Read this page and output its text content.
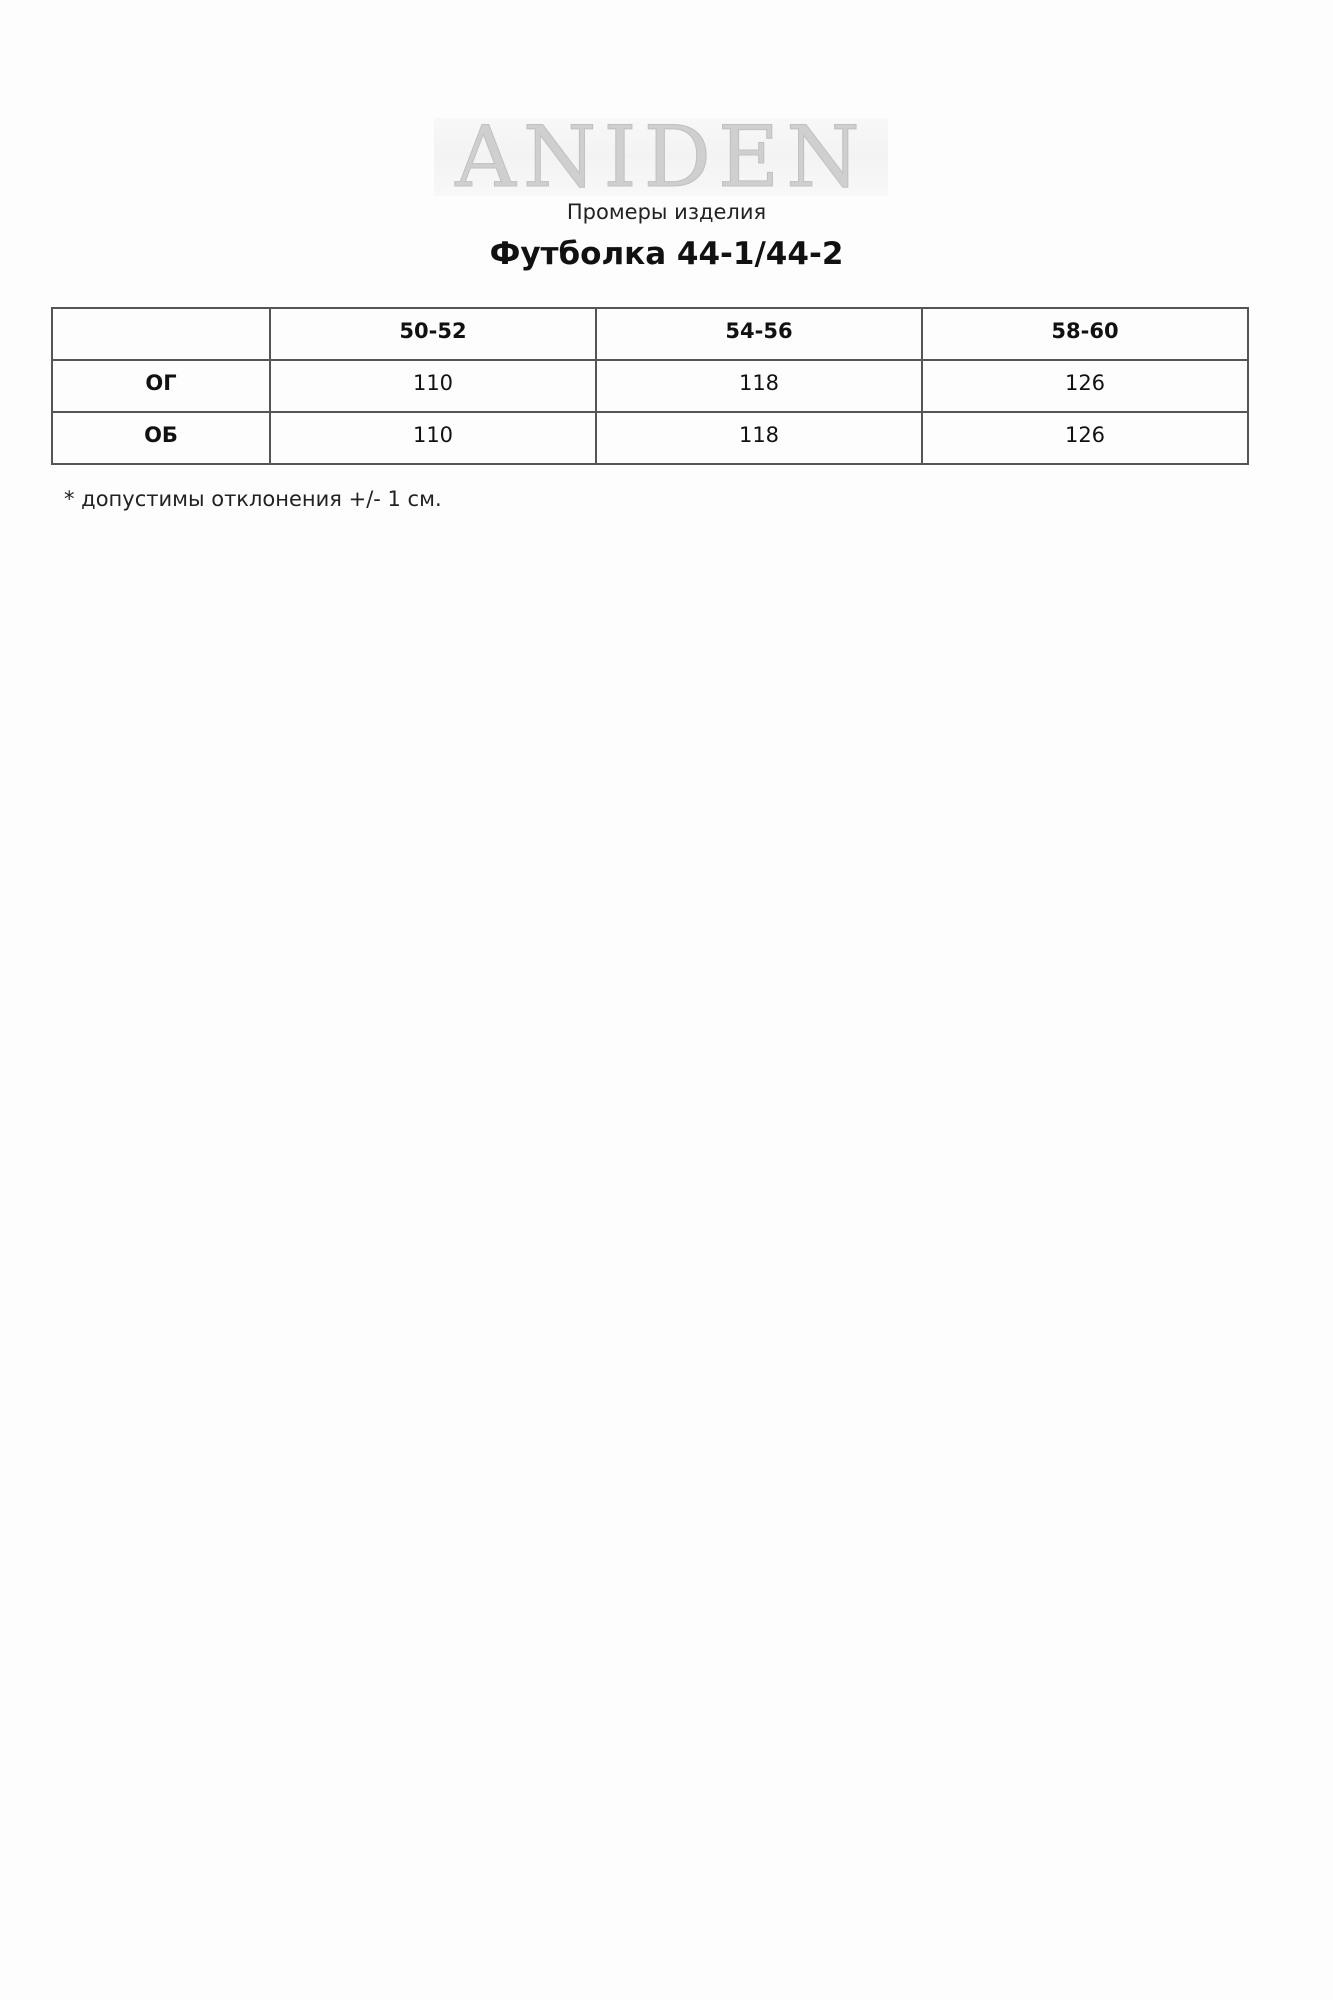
ANIDEN
Промеры изделия
Футболка 44-1/44-2
	50-52	54-56	58-60
ОГ	110	118	126
ОБ	110	118	126
* допустимы отклонения +/- 1 см.
